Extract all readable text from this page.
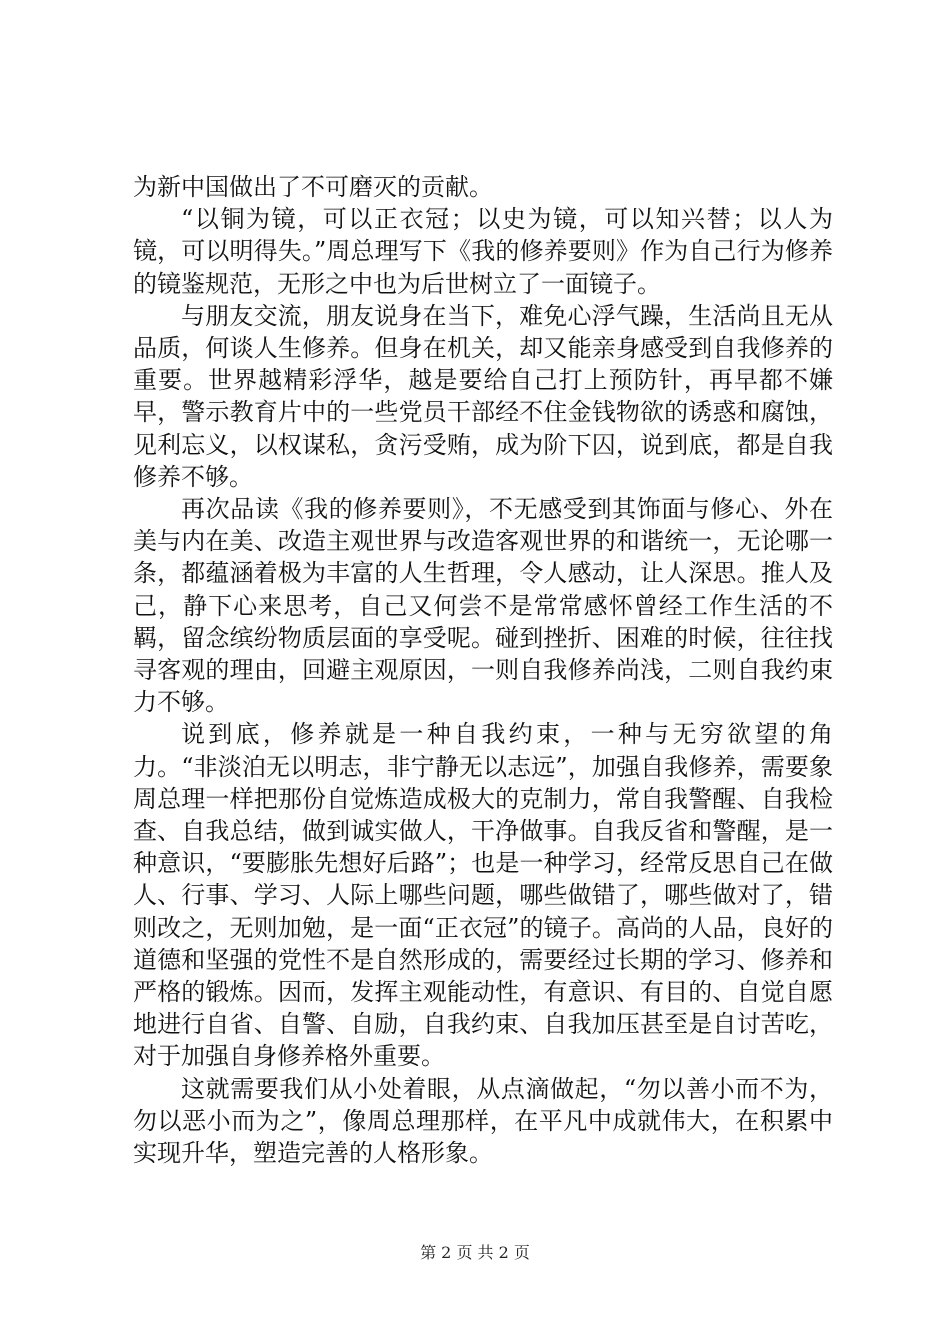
为新中国做出了不可磨灭的贡献。

“以铜为镜，可以正衣冠；以史为镜，可以知兴替；以人为镜，可以明得失。”周总理写下《我的修养要则》作为自己行为修养的镜鉴规范，无形之中也为后世树立了一面镜子。

与朋友交流，朋友说身在当下，难免心浮气躁，生活尚且无从品质，何谈人生修养。但身在机关，却又能亲身感受到自我修养的重要。世界越精彩浮华，越是要给自己打上预防针，再早都不嫌早，警示教育片中的一些党员干部经不住金钱物欲的诱惑和腐蚀，见利忘义，以权谋私，贪污受贿，成为阶下囚，说到底，都是自我修养不够。

再次品读《我的修养要则》，不无感受到其饰面与修心、外在美与内在美、改造主观世界与改造客观世界的和谐统一，无论哪一条，都蕴涵着极为丰富的人生哲理，令人感动，让人深思。推人及己，静下心来思考，自己又何尝不是常常感怀曾经工作生活的不羁，留念缤纷物质层面的享受呢。碰到挫折、困难的时候，往往找寻客观的理由，回避主观原因，一则自我修养尚浅，二则自我约束力不够。

说到底，修养就是一种自我约束，一种与无穷欲望的角力。“非淡泊无以明志，非宁静无以志远”，加强自我修养，需要象周总理一样把那份自觉炼造成极大的克制力，常自我警醒、自我检查、自我总结，做到诚实做人，干净做事。自我反省和警醒，是一种意识，“要膨胀先想好后路”；也是一种学习，经常反思自己在做人、行事、学习、人际上哪些问题，哪些做错了，哪些做对了，错则改之，无则加勉，是一面“正衣冠”的镜子。高尚的人品，良好的道德和坚强的党性不是自然形成的，需要经过长期的学习、修养和严格的锻炼。因而，发挥主观能动性，有意识、有目的、自觉自愿地进行自省、自警、自励，自我约束、自我加压甚至是自讨苦吃，对于加强自身修养格外重要。

这就需要我们从小处着眼，从点滴做起，“勿以善小而不为，勿以恶小而为之”，像周总理那样，在平凡中成就伟大，在积累中实现升华，塑造完善的人格形象。

第 2 页 共 2 页
